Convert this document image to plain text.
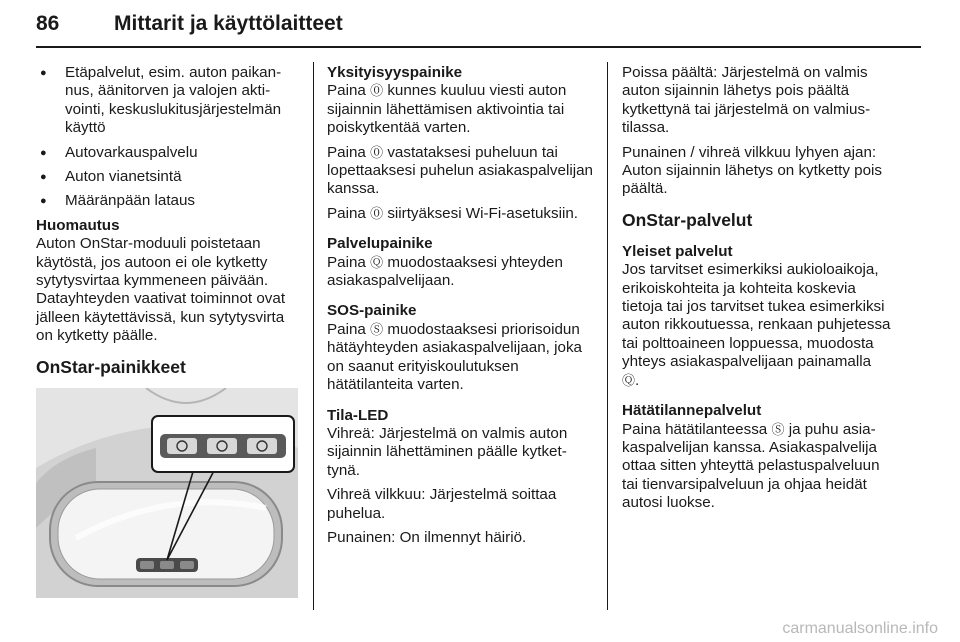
86	Mittarit ja käyttölaitteet
● Etäpalvelut, esim. auton paikannus, äänitorven ja valojen aktivointi, keskuslukitusjärjestelmän käyttö
● Autovarkauspalvelu
● Auton vianetsintä
● Määränpään lataus
Huomautus
Auton OnStar-moduuli poistetaan käytöstä, jos autoon ei ole kytketty sytytysvirtaa kymmeneen päivään. Datayhteyden vaativat toiminnot ovat jälleen käytettävissä, kun sytytysvirta on kytketty päälle.
OnStar-painikkeet
Yksityisyyspainike

Paina ⓪ kunnes kuuluu viesti auton sijainnin lähettämisen aktivointia tai poiskytkentää varten.

Paina ⓪ vastataksesi puheluun tai lopettaaksesi puhelun asiakaspalvelijan kanssa.

Paina ⓪ siirtyäksesi Wi-Fi-asetuksiin.

Palvelupainike

Paina Ⓠ muodostaaksesi yhteyden asiakaspalvelijaan.

SOS-painike

Paina Ⓢ muodostaaksesi priorisoidun hätäyhteyden asiakaspalvelijaan, joka on saanut erityiskoulutuksen hätätilanteita varten.

Tila-LED

Vihreä: Järjestelmä on valmis auton sijainnin lähettäminen päälle kytkettynä.

Vihreä vilkkuu: Järjestelmä soittaa puhelua.

Punainen: On ilmennyt häiriö.

Poissa päältä: Järjestelmä on valmis auton sijainnin lähetys pois päältä kytkettynä tai järjestelmä on valmiustilassa.

Punainen / vihreä vilkkuu lyhyen ajan: Auton sijainnin lähetys on kytketty pois päältä.

OnStar-palvelut
Yleiset palvelut

Jos tarvitset esimerkiksi aukioloaikoja, erikoiskohteita ja kohteita koskevia tietoja tai jos tarvitset tukea esimerkiksi auton rikkoutuessa, renkaan puhjetessa tai polttoaineen loppuessa, muodosta yhteys asiakaspalvelijaan painamalla Ⓠ.

Hätätilannepalvelut

Paina hätätilanteessa Ⓢ ja puhu asiakaspalvelijan kanssa. Asiakaspalvelija ottaa sitten yhteyttä pelastuspalveluun tai tienvarsipalveluun ja ohjaa heidät autosi luokse.

carmanualsonline.info
